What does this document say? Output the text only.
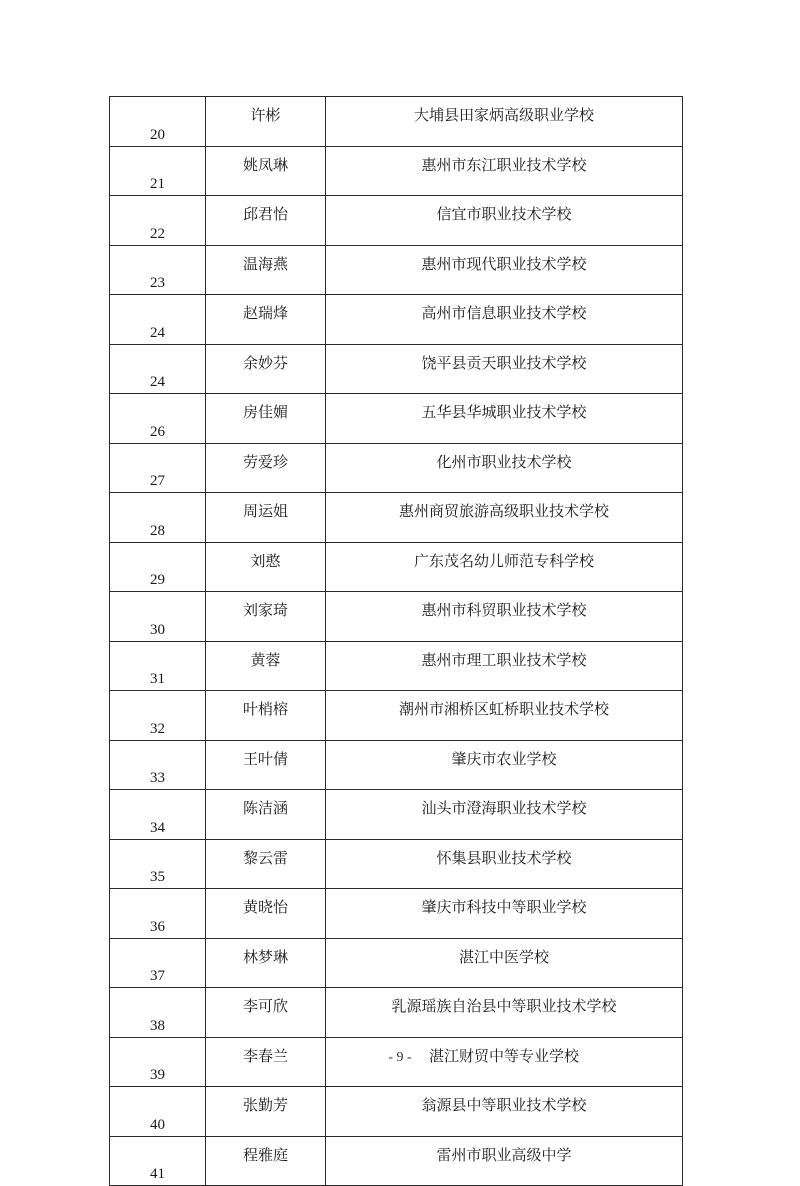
20	许彬	大埔县田家炳高级职业学校
21	姚凤琳	惠州市东江职业技术学校
22	邱君怡	信宜市职业技术学校
23	温海燕	惠州市现代职业技术学校
24	赵瑞烽	高州市信息职业技术学校
24	余妙芬	饶平县贡天职业技术学校
26	房佳媚	五华县华城职业技术学校
27	劳爱珍	化州市职业技术学校
28	周运姐	惠州商贸旅游高级职业技术学校
29	刘憨	广东茂名幼儿师范专科学校
30	刘家琦	惠州市科贸职业技术学校
31	黄蓉	惠州市理工职业技术学校
32	叶梢榕	潮州市湘桥区虹桥职业技术学校
33	王叶倩	肇庆市农业学校
34	陈洁涵	汕头市澄海职业技术学校
35	黎云雷	怀集县职业技术学校
36	黄晓怡	肇庆市科技中等职业学校
37	林梦琳	湛江中医学校
38	李可欣	乳源瑶族自治县中等职业技术学校
39	李春兰	湛江财贸中等专业学校
40	张勤芳	翁源县中等职业技术学校
41	程雅庭	雷州市职业高级中学
- 9 -
